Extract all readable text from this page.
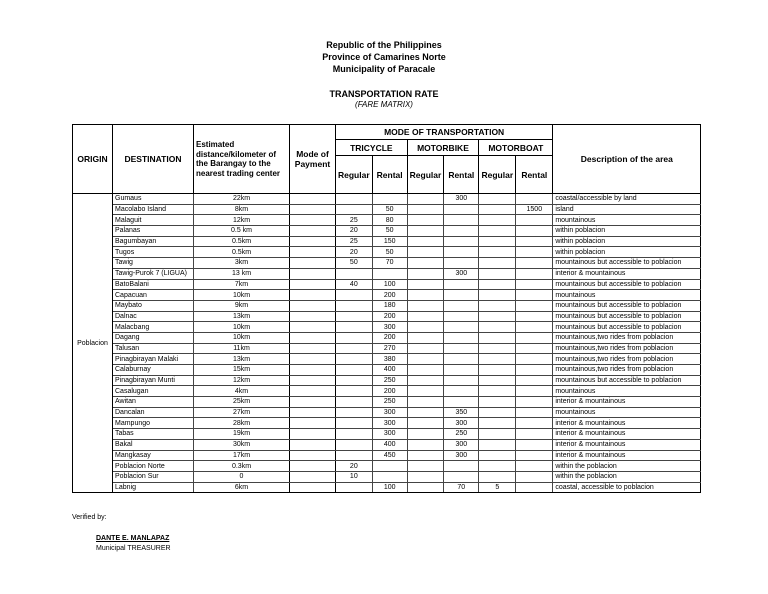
Republic of the Philippines
Province of Camarines Norte
Municipality of Paracale
TRANSPORTATION RATE
(FARE MATRIX)
ORIGIN	DESTINATION	Estimated distance/kilometer of the Barangay to the nearest trading center	Mode of Payment	MODE OF TRANSPORTATION						Description of the area
				TRICYCLE		MOTORBIKE		MOTORBOAT		
				Regular	Rental	Regular	Rental	Regular	Rental	
Poblacion	Gumaus	22km					300			coastal/accessible by land
	Macolabo Island	8km			50				1500	island
	Malaguit	12km		25	80					mountainous
	Palanas	0.5 km		20	50					within poblacion
	Bagumbayan	0.5km		25	150					within poblacion
	Tugos	0.5km		20	50					within poblacion
	Tawig	3km		50	70					mountainous but accessible to poblacion
	Tawig-Purok 7 (LIGUA)	13 km					300			interior & mountainous
	BatoBalani	7km		40	100					mountainous but accessible to poblacion
	Capacuan	10km			200					mountainous
	Maybato	9km			180					mountainous but accessible to poblacion
	Dalnac	13km			200					mountainous but accessible to poblacion
	Malacbang	10km			300					mountainous but accessible to poblacion
	Dagang	10km			200					mountainous,two rides from poblacion
	Talusan	11km			270					mountainous,two rides from poblacion
	Pinagbirayan Malaki	13km			380					mountainous,two rides from poblacion
	Calaburnay	15km			400					mountainous,two rides from poblacion
	Pinagbirayan Munti	12km			250					mountainous but accessible to poblacion
	Casalugan	4km			200					mountainous
	Awitan	25km			250					interior & mountainous
	Dancalan	27km			300		350			mountainous
	Mampungo	28km			300		300			interior & mountainous
	Tabas	19km			300		250			interior & mountainous
	Bakal	30km			400		300			interior & mountainous
	Mangkasay	17km			450		300			interior & mountainous
	Poblacion Norte	0.3km		20						within the poblacion
	Poblacion Sur	0		10						within the poblacion
	Labnig	6km			100		70	5		coastal, accessible to poblacion
Verified by:
DANTE E. MANLAPAZ
Municipal TREASURER
